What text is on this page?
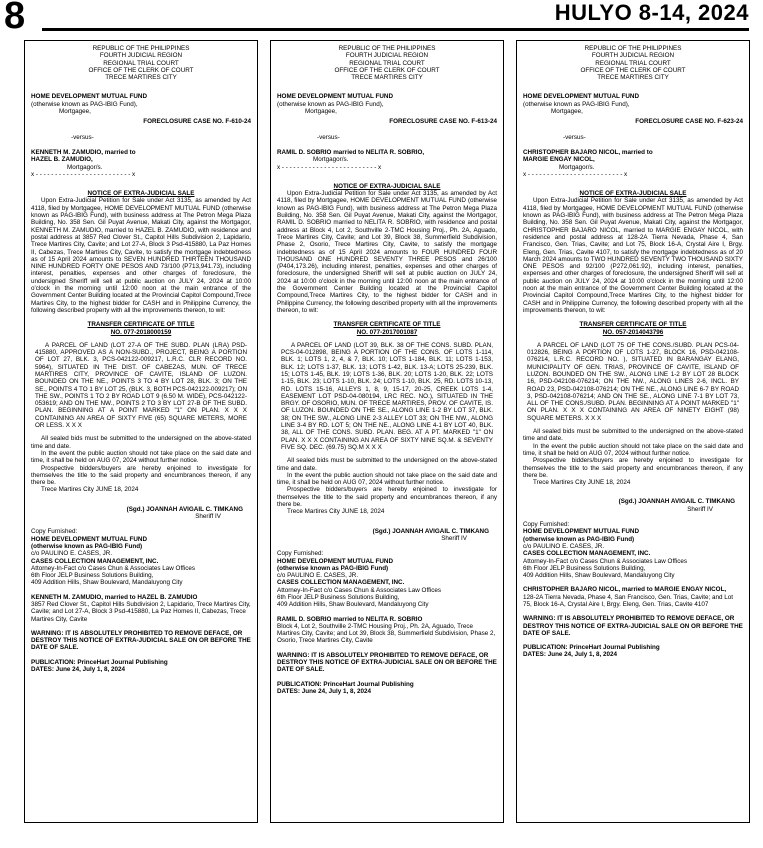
8	HULYO 8-14, 2024
REPUBLIC OF THE PHILIPPINES
FOURTH JUDICIAL REGION
REGIONAL TRIAL COURT
OFFICE OF THE CLERK OF COURT
TRECE MARTIRES CITY
HOME DEVELOPMENT MUTUAL FUND
(otherwise known as PAG-IBIG Fund),
Mortgagee,
FORECLOSURE CASE NO. F-610-24
-versus-
KENNETH M. ZAMUDIO, married to
HAZEL B. ZAMUDIO,
Mortgagor/s.
x - - - - - - - - - - - - - - - - - - - - - - - - - x
NOTICE OF EXTRA-JUDICIAL SALE

Upon Extra-Judicial Petition for Sale under Act 3135, as amended by Act 4118, filed by Mortgagee, HOME DEVELOPMENT MUTUAL FUND (otherwise known as PAG-IBIG Fund), with business address at The Petron Mega Plaza Building, No. 358 Sen. Gil Puyat Avenue, Makati City, against the Mortgagor, KENNETH M. ZAMUDIO, married to HAZEL B. ZAMUDIO, with residence and postal address at 3857 Red Clover St., Capitol Hills Subdivision 2, Lapidario, Trece Martires City, Cavite; and Lot 27-A, Block 3 Psd-415880, La Paz Homes II, Cabezas, Trece Martires City, Cavite, to satisfy the mortgage indebtedness as of 15 April 2024 amounts to SEVEN HUNDRED THIRTEEN THOUSAND NINE HUNDRED FORTY ONE PESOS AND 73/100 (P713,941.73), including interest, penalties, expenses and other charges of foreclosure, the undersigned Sheriff will sell at public auction on JULY 24, 2024 at 10:00 o'clock in the morning until 12:00 noon at the main entrance of the Government Center Building located at the Provincial Capitol Compound,Trece Martires City, to the highest bidder for CASH and in Philippine Currency, the following described property with all the improvements thereon, to wit:

TRANSFER CERTIFICATE OF TITLE
NO. 077-2018000159

A PARCEL OF LAND (LOT 27-A OF THE SUBD. PLAN (LRA) PSD-415880, APPROVED AS A NON-SUBD., PROJECT, BEING A PORTION OF LOT 27, BLK. 3, PCS-042122-009217, L.R.C. CLR RECORD NO. 5964), SITUATED IN THE DIST. OF CABEZAS, MUN. OF TRECE MARTIRES CITY, PROVINCE OF CAVITE, ISLAND OF LUZON. BOUNDED ON THE NE., POINTS 3 TO 4 BY LOT 28, BLK. 3; ON THE SE., POINTS 4 TO 1 BY LOT 25, (BLK. 3, BOTH PCS-042122-009217); ON THE SW., POINTS 1 TO 2 BY ROAD LOT 9 (6.50 M. WIDE), PCS-042122-053619; AND ON THE NW., POINTS 2 TO 3 BY LOT 27-B OF THE SUBD. PLAN. BEGINNING AT A POINT MARKED "1" ON PLAN. X X X CONTAINING AN AREA OF SIXTY FIVE (65) SQUARE METERS, MORE OR LESS. X X X

All sealed bids must be submitted to the undersigned on the above-stated time and date.

In the event the public auction should not take place on the said date and time, it shall be held on AUG 07, 2024 without further notice.

Prospective bidders/buyers are hereby enjoined to investigate for themselves the title to the said property and encumbrances thereon, if any there be.

Trece Martires City JUNE 18, 2024

(Sgd.) JOANNAH AVIGAIL C. TIMKANG
Sheriff IV
Copy Furnished:
HOME DEVELOPMENT MUTUAL FUND
(otherwise known as PAG-IBIG Fund)
c/o PAULINO E. CASES, JR.
CASES COLLECTION MANAGEMENT, INC.
Attorney-In-Fact c/o Cases Chun & Associates Law Offices
6th Floor JELP Business Solutions Building,
409 Addition Hills, Shaw Boulevard, Mandaluyong City
KENNETH M. ZAMUDIO, married to HAZEL B. ZAMUDIO
3857 Red Clover St., Capitol Hills Subdivision 2, Lapidario, Trece Martires City, Cavite; and Lot 27-A, Block 3 Psd-415880, La Paz Homes II, Cabezas, Trece Martires City, Cavite
WARNING: IT IS ABSOLUTELY PROHIBITED TO REMOVE DEFACE, OR DESTROY THIS NOTICE OF EXTRA-JUDICIAL SALE ON OR BEFORE THE DATE OF SALE.
PUBLICATION: PrinceHart Journal Publishing
DATES: June 24, July 1, 8, 2024
REPUBLIC OF THE PHILIPPINES
FOURTH JUDICIAL REGION
REGIONAL TRIAL COURT
OFFICE OF THE CLERK OF COURT
TRECE MARTIRES CITY
HOME DEVELOPMENT MUTUAL FUND
(otherwise known as PAG-IBIG Fund),
Mortgagee,
FORECLOSURE CASE NO. F-613-24
-versus-
RAMIL D. SOBRIO married to NELITA R. SOBRIO,
Mortgagor/s.
x - - - - - - - - - - - - - - - - - - - - - - - - - x
NOTICE OF EXTRA-JUDICIAL SALE

Upon Extra-Judicial Petition for Sale under Act 3135, as amended by Act 4118, filed by Mortgagee, HOME DEVELOPMENT MUTUAL FUND (otherwise known as PAG-IBIG Fund), with business address at The Petron Mega Plaza Building, No. 358 Sen. Gil Puyat Avenue, Makati City, against the Mortgagor, RAMIL D. SOBRIO married to NELITA R. SOBRIO, with residence and postal address at Block 4, Lot 2, Southville 2-TMC Housing Proj., Ph. 2A, Aguado, Trece Martires City, Cavite; and Lot 39, Block 38, Summerfield Subdivision, Phase 2, Osorio, Trece Martires City, Cavite, to satisfy the mortgage indebtedness as of 15 April 2024 amounts to FOUR HUNDRED FOUR THOUSAND ONE HUNDRED SEVENTY THREE PESOS and 26/100 (P404,173.26), including interest, penalties, expenses and other charges of foreclosure, the undersigned Sheriff will sell at public auction on JULY 24, 2024 at 10:00 o'clock in the morning until 12:00 noon at the main entrance of the Government Center Building located at the Provincial Capitol Compound,Trece Martires City, to the highest bidder for CASH and in Philippine Currency, the following described property with all the improvements thereon, to wit:

TRANSFER CERTIFICATE OF TITLE
NO. 077-2017001087

A PARCEL OF LAND (LOT 39, BLK. 38 OF THE CONS. SUBD. PLAN, PCS-04-012898, BEING A PORTION OF THE CONS. OF LOTS 1-114, BLK. 1; LOTS 1, 2, 4, & 7, BLK. 10; LOTS 1-184, BLK. 11; LOTS 1-153, BLK. 12; LOTS 1-37, BLK. 13; LOTS 1-42, BLK. 13-A; LOTS 25-239, BLK. 15; LOTS 1-45, BLK. 19; LOTS 1-36, BLK. 20; LOTS 1-20, BLK. 22; LOTS 1-15, BLK. 23; LOTS 1-10, BLK. 24; LOTS 1-10, BLK. 25, RD. LOTS 10-13, RD. LOTS 15-16, ALLEYS 1, 8, 9, 15-17, 20-25, CREEK LOTS 1-4, EASEMENT LOT PSD-04-080194, LRC REC. NO.), SITUATED IN THE BRGY. OF OSORIO, MUN. OF TRECE MARTIRES, PROV. OF CAVITE, IS. OF LUZON. BOUNDED ON THE SE., ALONG LINE 1-2 BY LOT 37, BLK. 38; ON THE SW., ALONG LINE 2-3 ALLEY LOT 33; ON THE NW., ALONG LINE 3-4 BY RD. LOT 5; ON THE NE., ALONG LINE 4-1 BY LOT 40, BLK. 38, ALL OF THE CONS. SUBD. PLAN. BEG. AT A PT. MARKED "1" ON PLAN. X X X CONTAINING AN AREA OF SIXTY NINE SQ.M. & SEVENTY FIVE SQ. DEC. (69.75) SQ.M X X X

All sealed bids must be submitted to the undersigned on the above-stated time and date.

In the event the public auction should not take place on the said date and time, it shall be held on AUG 07, 2024 without further notice.

Prospective bidders/buyers are hereby enjoined to investigate for themselves the title to the said property and encumbrances thereon, if any there be.

Trece Martires City JUNE 18, 2024

(Sgd.) JOANNAH AVIGAIL C. TIMKANG
Sheriff IV
Copy Furnished:
HOME DEVELOPMENT MUTUAL FUND
(otherwise known as PAG-IBIG Fund)
c/o PAULINO E. CASES, JR.
CASES COLLECTION MANAGEMENT, INC.
Attorney-In-Fact c/o Cases Chun & Associates Law Offices
6th Floor JELP Business Solutions Building,
409 Addition Hills, Shaw Boulevard, Mandaluyong City
RAMIL D. SOBRIO married to NELITA R. SOBRIO
Block 4, Lot 2, Southville 2-TMC Housing Proj., Ph. 2A, Aguado, Trece Martires City, Cavite; and Lot 39, Block 38, Summerfield Subdivision, Phase 2, Osorio, Trece Martires City, Cavite
WARNING: IT IS ABSOLUTELY PROHIBITED TO REMOVE DEFACE, OR DESTROY THIS NOTICE OF EXTRA-JUDICIAL SALE ON OR BEFORE THE DATE OF SALE.
PUBLICATION: PrinceHart Journal Publishing
DATES: June 24, July 1, 8, 2024
REPUBLIC OF THE PHILIPPINES
FOURTH JUDICIAL REGION
REGIONAL TRIAL COURT
OFFICE OF THE CLERK OF COURT
TRECE MARTIRES CITY
HOME DEVELOPMENT MUTUAL FUND
(otherwise known as PAG-IBIG Fund),
Mortgagee,
FORECLOSURE CASE NO. F-623-24
-versus-
CHRISTOPHER BAJARO NICOL, married to
MARGIE ENGAY NICOL,
Mortgagor/s.
x - - - - - - - - - - - - - - - - - - - - - - - - - x
NOTICE OF EXTRA-JUDICIAL SALE

Upon Extra-Judicial Petition for Sale under Act 3135, as amended by Act 4118, filed by Mortgagee, HOME DEVELOPMENT MUTUAL FUND (otherwise known as PAG-IBIG Fund), with business address at The Petron Mega Plaza Building, No. 358 Sen. Gil Puyat Avenue, Makati City, against the Mortgagor, CHRISTOPHER BAJARO NICOL, married to MARGIE ENGAY NICOL, with residence and postal address at 128-2A Tierra Nevada, Phase 4, San Francisco, Gen. Trias, Cavite; and Lot 75, Block 16-A, Crystal Aire I, Brgy. Eleng, Gen. Trias, Cavite 4107, to satisfy the mortgage indebtedness as of 20 March 2024 amounts to TWO HUNDRED SEVENTY TWO THOUSAND SIXTY ONE PESOS and 92/100 (P272,061.92), including interest, penalties, expenses and other charges of foreclosure, the undersigned Sheriff will sell at public auction on JULY 24, 2024 at 10:00 o'clock in the morning until 12:00 noon at the main entrance of the Government Center Building located at the Provincial Capitol Compound,Trece Martires City, to the highest bidder for CASH and in Philippine Currency, the following described property with all the improvements thereon, to wit:

TRANSFER CERTIFICATE OF TITLE
NO. 057-2014043796

A PARCEL OF LAND (LOT 75 OF THE CONS./SUBD. PLAN PCS-04-012826, BEING A PORTION OF LOTS 1-27, BLOCK 16, PSD-042108-076214, L.R.C. RECORD NO. ), SITUATED IN BARANGAY ELANG, MUNICIPALITY OF GEN. TRIAS, PROVINCE OF CAVITE, ISLAND OF LUZON. BOUNDED ON THE SW., ALONG LINE 1-2 BY LOT 28 BLOCK 16, PSD-042108-076214; ON THE NW., ALONG LINES 2-6, INCL. BY ROAD 23, PSD-042108-076214; ON THE NE., ALONG LINE 6-7 BY ROAD 3, PSD-042108-076214; AND ON THE SE., ALONG LINE 7-1 BY LOT 73, ALL OF THE CONS./SUBD. PLAN. BEGINNING AT A POINT MARKED "1" ON PLAN. X X X CONTAINING AN AREA OF NINETY EIGHT (98) SQUARE METERS. X X X

All sealed bids must be submitted to the undersigned on the above-stated time and date.

In the event the public auction should not take place on the said date and time, it shall be held on AUG 07, 2024 without further notice.

Prospective bidders/buyers are hereby enjoined to investigate for themselves the title to the said property and encumbrances thereon, if any there be.

Trece Martires City JUNE 18, 2024

(Sgd.) JOANNAH AVIGAIL C. TIMKANG
Sheriff IV
Copy Furnished:
HOME DEVELOPMENT MUTUAL FUND
(otherwise known as PAG-IBIG Fund)
c/o PAULINO E. CASES, JR.
CASES COLLECTION MANAGEMENT, INC.
Attorney-In-Fact c/o Cases Chun & Associates Law Offices
6th Floor JELP Business Solutions Building,
409 Addition Hills, Shaw Boulevard, Mandaluyong City
CHRISTOPHER BAJARO NICOL, married to MARGIE ENGAY NICOL,
128-2A Tierra Nevada, Phase 4, San Francisco, Gen. Trias, Cavite; and Lot 75, Block 16-A, Crystal Aire I, Brgy. Eleng, Gen. Trias, Cavite 4107
WARNING: IT IS ABSOLUTELY PROHIBITED TO REMOVE DEFACE, OR DESTROY THIS NOTICE OF EXTRA-JUDICIAL SALE ON OR BEFORE THE DATE OF SALE.
PUBLICATION: PrinceHart Journal Publishing
DATES: June 24, July 1, 8, 2024
